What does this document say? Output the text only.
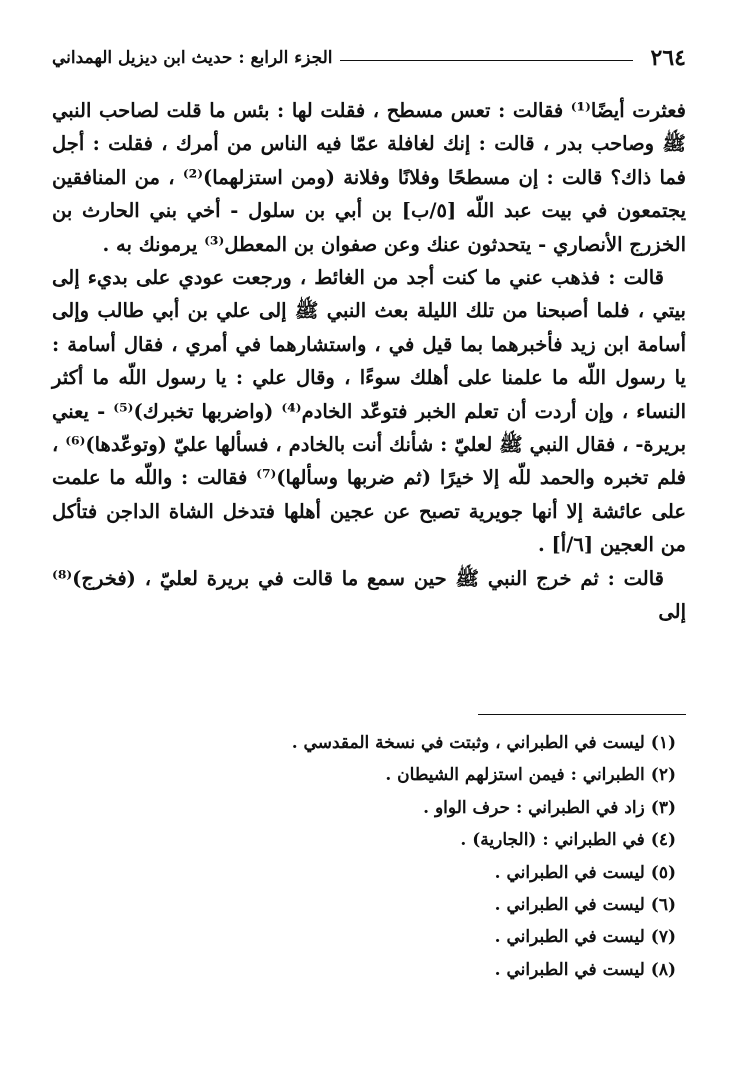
٢٦٤
الجزء الرابع : حديث ابن ديزيل الهمداني

فعثرت أيضًا⁽¹⁾ فقالت : تعس مسطح ، فقلت لها : بئس ما قلت لصاحب النبي ﷺ وصاحب بدر ، قالت : إنك لغافلة عمّا فيه الناس من أمرك ، فقلت : أجل فما ذاك؟ قالت : إن مسطحًا وفلانًا وفلانة (ومن استزلهما)⁽²⁾ ، من المنافقين يجتمعون في بيت عبد اللّه [٥/ب] بن أبي بن سلول - أخي بني الحارث بن الخزرج الأنصاري - يتحدثون عنك وعن صفوان بن المعطل⁽³⁾ يرمونك به .

قالت : فذهب عني ما كنت أجد من الغائط ، ورجعت عودي على بديء إلى بيتي ، فلما أصبحنا من تلك الليلة بعث النبي ﷺ إلى علي بن أبي طالب وإلى أسامة ابن زيد فأخبرهما بما قيل في ، واستشارهما في أمري ، فقال أسامة : يا رسول اللّه ما علمنا على أهلك سوءًا ، وقال علي : يا رسول اللّه ما أكثر النساء ، وإن أردت أن تعلم الخبر فتوعّد الخادم⁽⁴⁾ (واضربها تخبرك)⁽⁵⁾ - يعني بريرة- ، فقال النبي ﷺ لعليّ : شأنك أنت بالخادم ، فسألها عليّ (وتوعّدها)⁽⁶⁾ ، فلم تخبره والحمد للّه إلا خيرًا (ثم ضربها وسألها)⁽⁷⁾ فقالت : واللّه ما علمت على عائشة إلا أنها جويرية تصبح عن عجين أهلها فتدخل الشاة الداجن فتأكل من العجين [٦/أ] .

قالت : ثم خرج النبي ﷺ حين سمع ما قالت في بريرة لعليّ ، (فخرج)⁽⁸⁾ إلى

(١)ليست في الطبراني ، وثبتت في نسخة المقدسي .
(٢)الطبراني : فيمن استزلهم الشيطان .
(٣)زاد في الطبراني : حرف الواو .
(٤)في الطبراني : (الجارية) .
(٥)ليست في الطبراني .
(٦)ليست في الطبراني .
(٧)ليست في الطبراني .
(٨)ليست في الطبراني .
